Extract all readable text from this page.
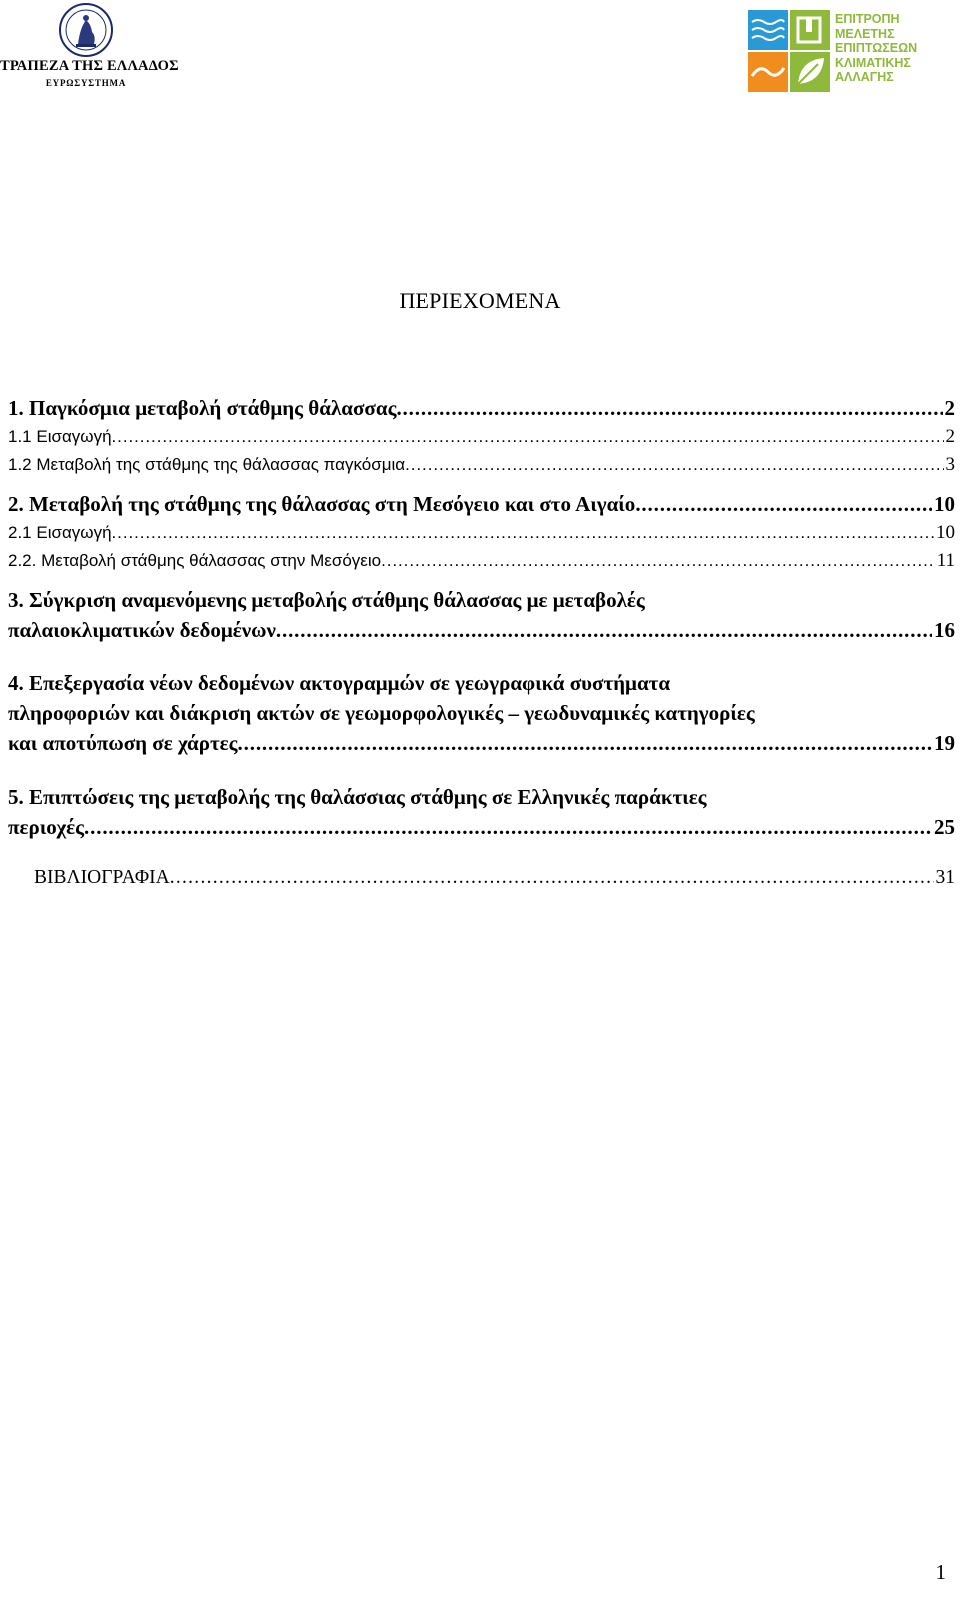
ΤΡΑΠΕΖΑ ΤΗΣ ΕΛΛΑΔΟΣ
ΕΥΡΩΣΥΣΤΗΜΑ
ΕΠΙΤΡΟΠΗ
ΜΕΛΕΤΗΣ
ΕΠΙΠΤΩΣΕΩΝ
ΚΛΙΜΑΤΙΚΗΣ
ΑΛΛΑΓΗΣ
ΠΕΡΙΕΧΟΜΕΝΑ
1. Παγκόσμια μεταβολή στάθμης θάλασσας . . .	2
1.1 Εισαγωγή . . .	2
1.2 Μεταβολή της στάθμης της θάλασσας παγκόσμια . . .	3
2. Μεταβολή της στάθμης της θάλασσας στη Μεσόγειο και στο Αιγαίο . . .	10
2.1 Εισαγωγή . . .	10
2.2. Μεταβολή στάθμης θάλασσας στην Μεσόγειο . . .	11
3. Σύγκριση αναμενόμενης μεταβολής στάθμης θάλασσας με μεταβολές
παλαιοκλιματικών δεδομένων . . .	16
4. Επεξεργασία νέων δεδομένων ακτογραμμών σε γεωγραφικά συστήματα
πληροφοριών και διάκριση ακτών σε γεωμορφολογικές – γεωδυναμικές κατηγορίες
και αποτύπωση σε χάρτες . . .	19
5. Επιπτώσεις της μεταβολής της θαλάσσιας στάθμης σε Ελληνικές παράκτιες
περιοχές . . .	25
ΒΙΒΛΙΟΓΡΑΦΙΑ . . .	31
1
